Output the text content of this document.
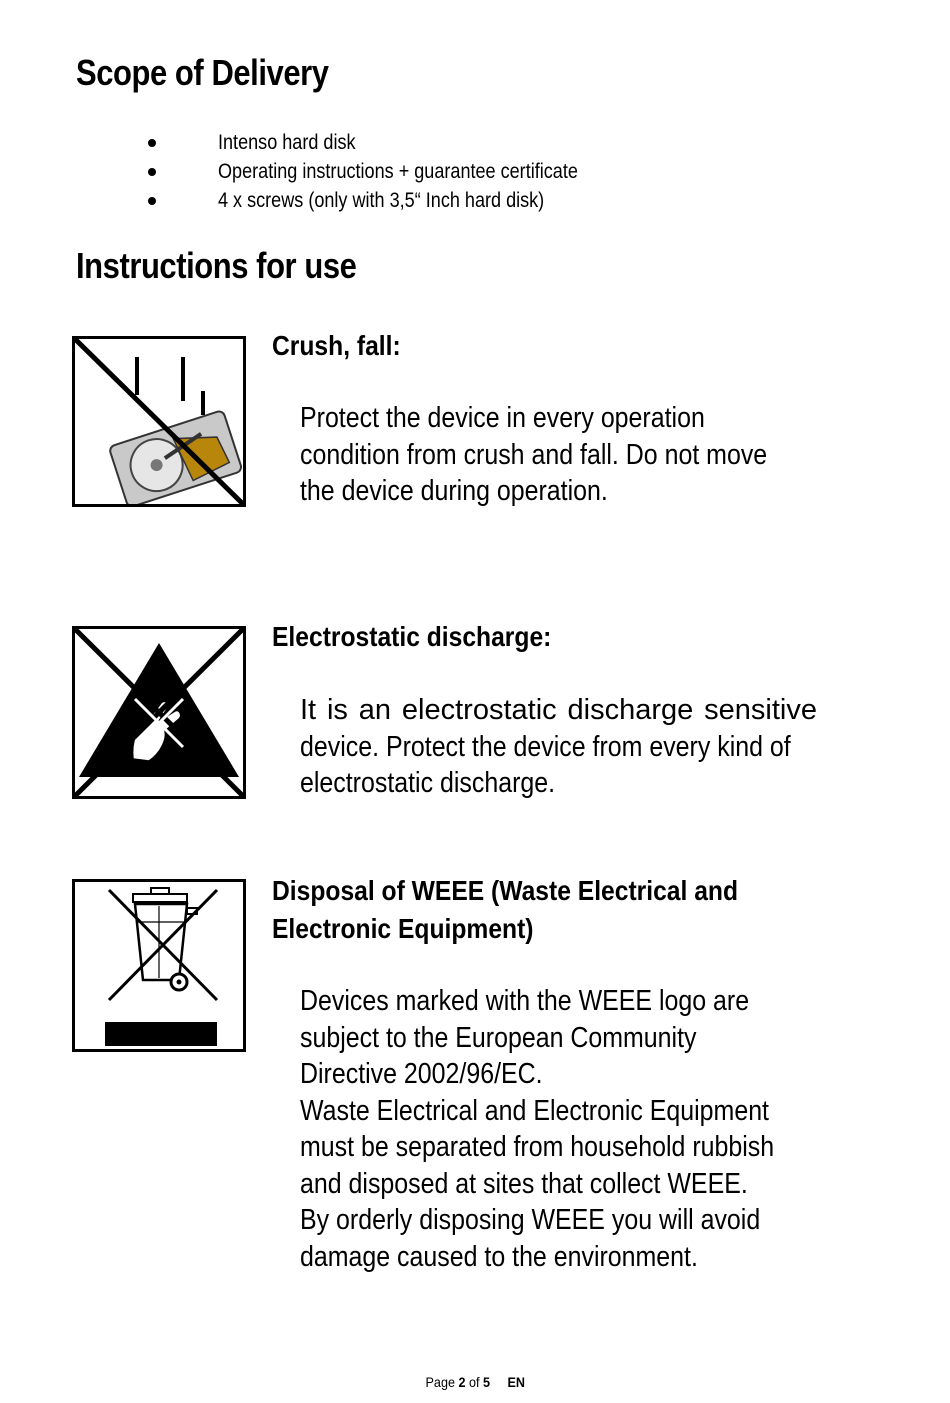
Scope of Delivery
Intenso hard disk
Operating instructions + guarantee certificate
4 x screws (only with 3,5“ Inch hard disk)
Instructions for use

Crush, fall:

Protect the device in every operation
condition from crush and fall. Do not move
the device during operation.

Electrostatic discharge:

It is an electrostatic discharge sensitive
device. Protect the device from every kind of
electrostatic discharge.

Disposal of WEEE (Waste Electrical and

Electronic Equipment)

Devices marked with the WEEE logo are
subject to the European Community
Directive 2002/96/EC.
Waste Electrical and Electronic Equipment
must be separated from household rubbish
and disposed at sites that collect WEEE.
By orderly disposing WEEE you will avoid
damage caused to the environment.
Page 2 of 5 EN
